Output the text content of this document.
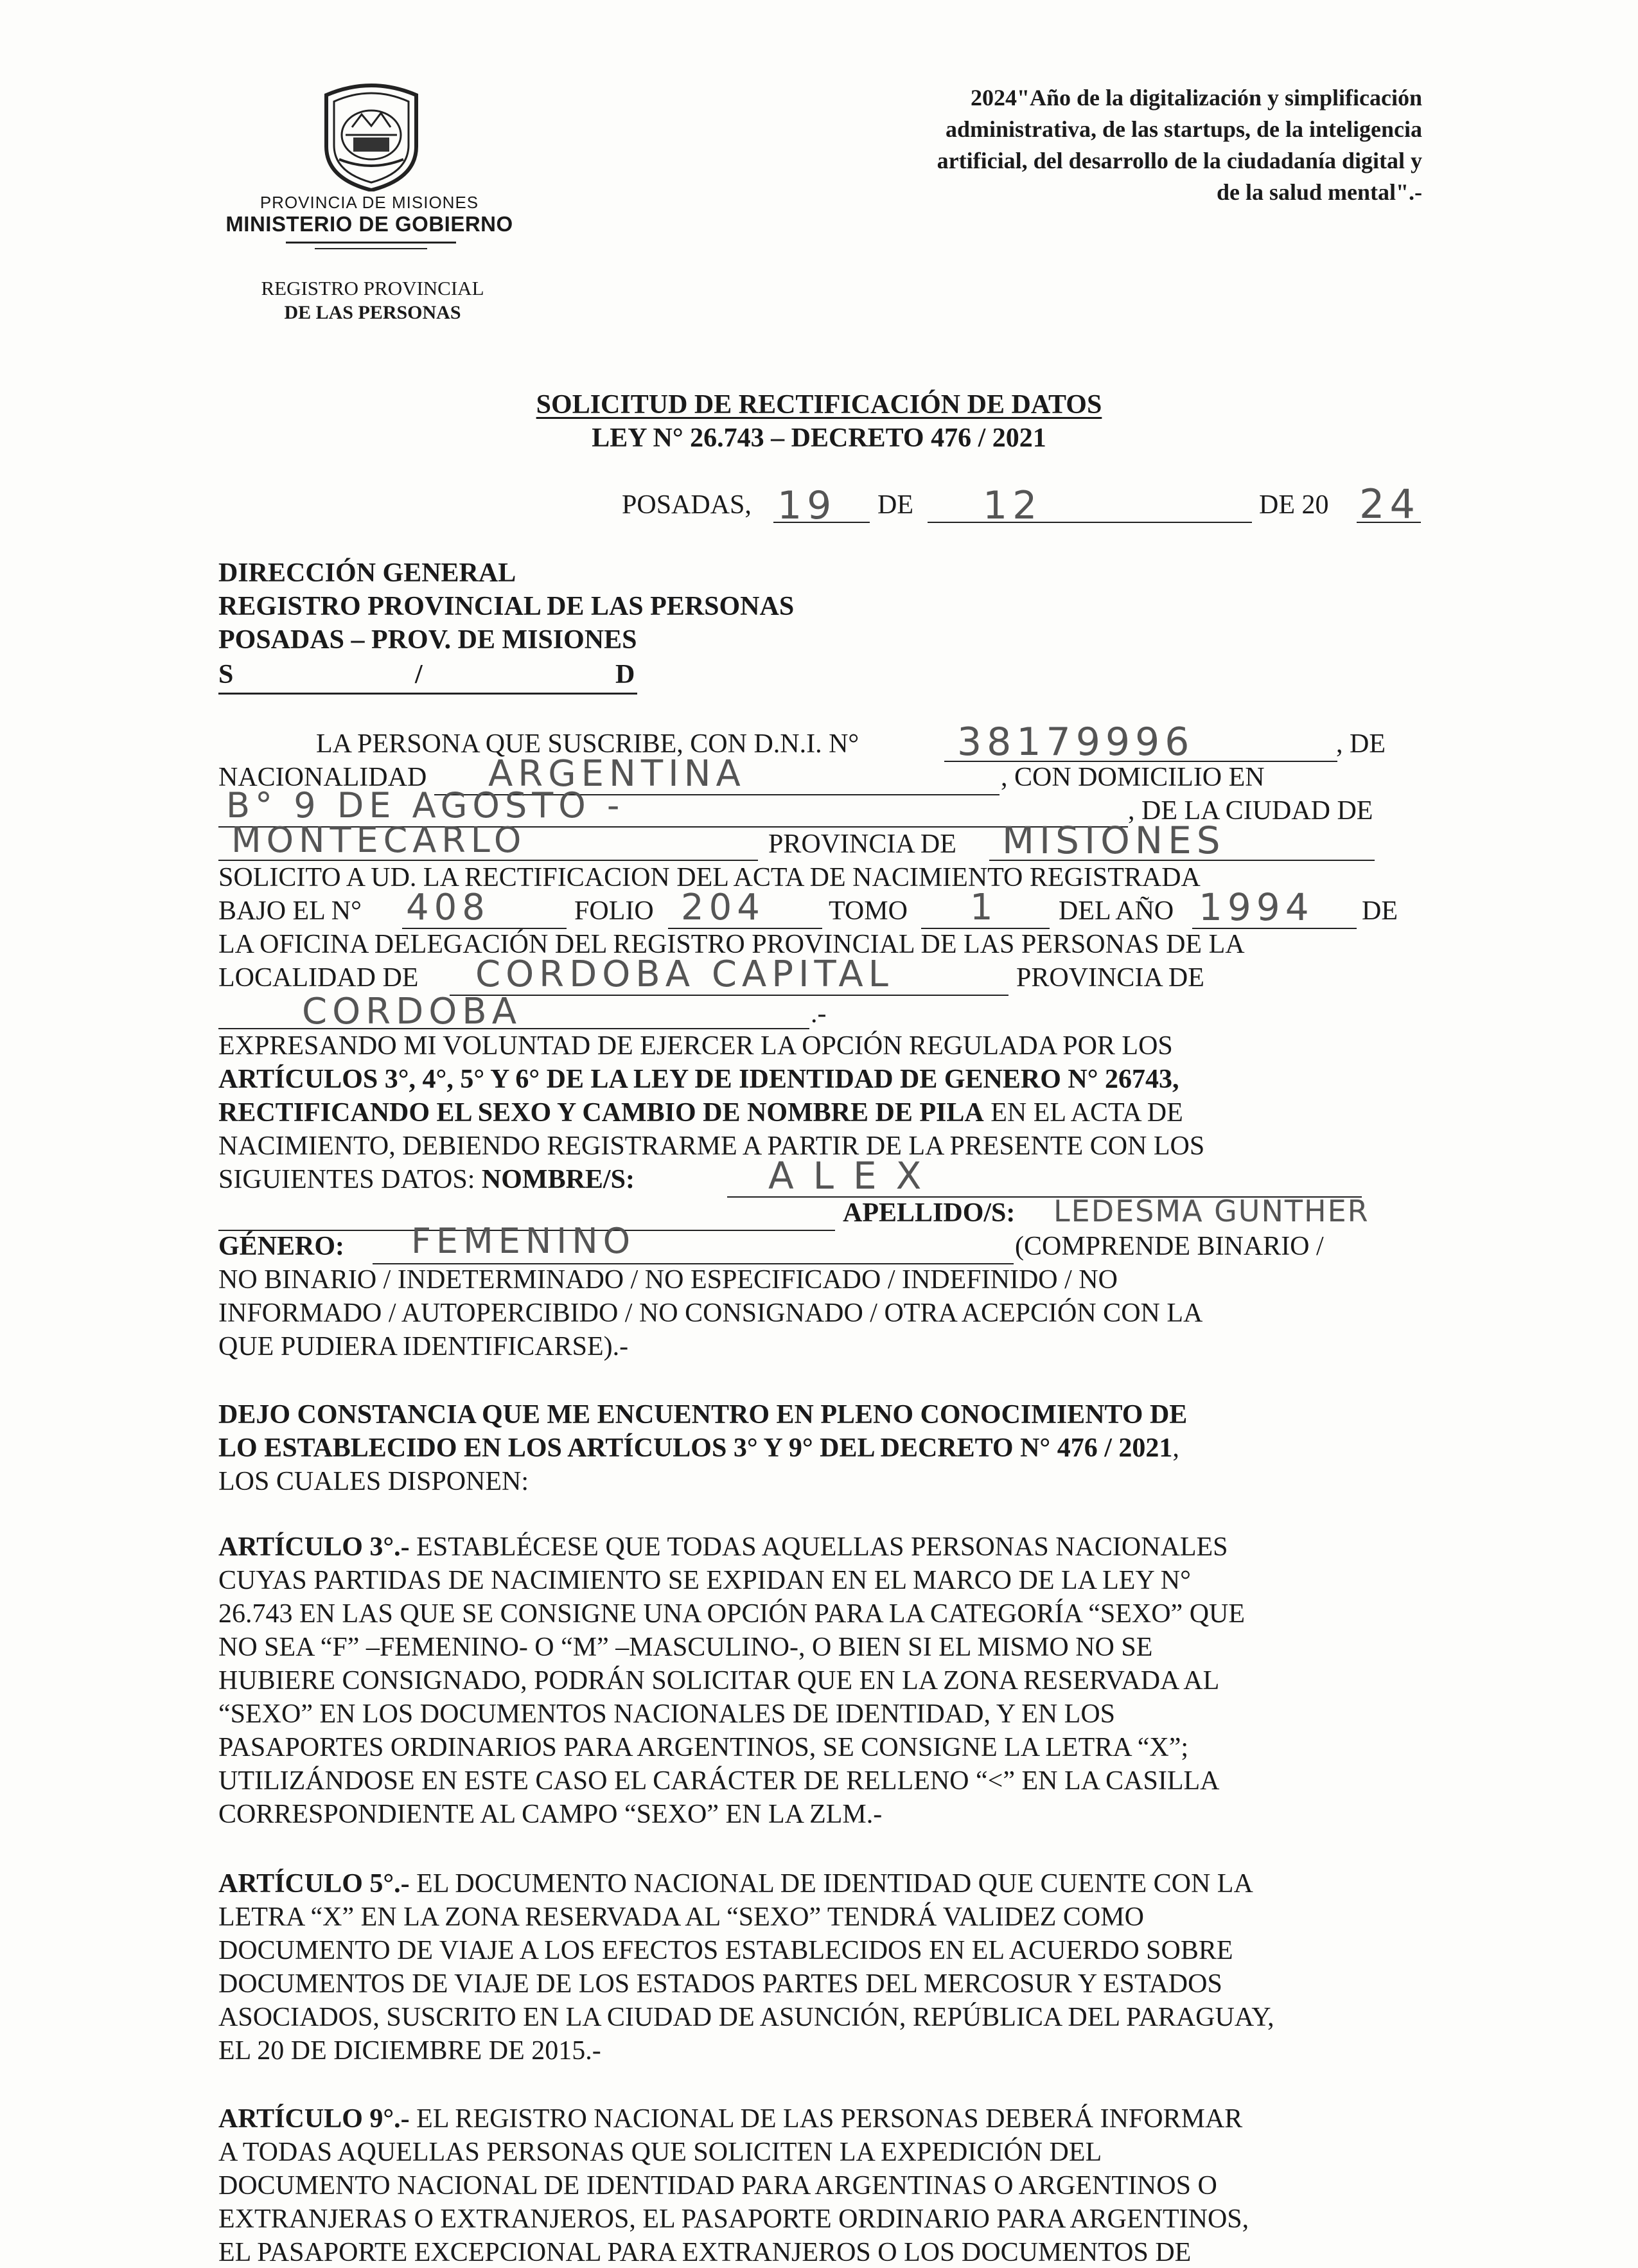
PROVINCIA DE MISIONES
MINISTERIO DE GOBIERNO
REGISTRO PROVINCIAL
DE LAS PERSONAS
2024"Año de la digitalización y simplificación
administrativa, de las startups, de la inteligencia
artificial, del desarrollo de la ciudadanía digital y
de la salud mental".-
SOLICITUD DE RECTIFICACIÓN DE DATOS
LEY N° 26.743 – DECRETO 476 / 2021
POSADAS, 19 DE 12	DE 20 24
DIRECCIÓN GENERAL
REGISTRO PROVINCIAL DE LAS PERSONAS
POSADAS – PROV. DE MISIONES
S	/	D
LA PERSONA QUE SUSCRIBE, CON D.N.I. N°	38179996	, DE
NACIONALIDAD ARGENTINA	, CON DOMICILIO EN
B° 9 DE AGOSTO -	, DE LA CIUDAD DE
MONTECARLO	PROVINCIA DE MISIONES
SOLICITO A UD. LA RECTIFICACION DEL ACTA DE NACIMIENTO REGISTRADA
BAJO EL N° 408	FOLIO 204 TOMO 1 DEL AÑO 1994 DE
LA OFICINA DELEGACIÓN DEL REGISTRO PROVINCIAL DE LAS PERSONAS DE LA
LOCALIDAD DE CORDOBA CAPITAL	PROVINCIA DE
CORDOBA	.-
EXPRESANDO MI VOLUNTAD DE EJERCER LA OPCIÓN REGULADA POR LOS
ARTÍCULOS 3°, 4°, 5° Y 6° DE LA LEY DE IDENTIDAD DE GENERO N° 26743,
RECTIFICANDO EL SEXO Y CAMBIO DE NOMBRE DE PILA EN EL ACTA DE
NACIMIENTO, DEBIENDO REGISTRARME A PARTIR DE LA PRESENTE CON LOS
SIGUIENTES DATOS: NOMBRE/S:	ALEX
APELLIDO/S: LEDESMA GUNTHER
GÉNERO: FEMENINO	(COMPRENDE BINARIO /
NO BINARIO / INDETERMINADO / NO ESPECIFICADO / INDEFINIDO / NO
INFORMADO / AUTOPERCIBIDO / NO CONSIGNADO / OTRA ACEPCIÓN CON LA
QUE PUDIERA IDENTIFICARSE).-
DEJO CONSTANCIA QUE ME ENCUENTRO EN PLENO CONOCIMIENTO DE
LO ESTABLECIDO EN LOS ARTÍCULOS 3° Y 9° DEL DECRETO N° 476 / 2021,
LOS CUALES DISPONEN:
ARTÍCULO 3°.- ESTABLÉCESE QUE TODAS AQUELLAS PERSONAS NACIONALES
CUYAS PARTIDAS DE NACIMIENTO SE EXPIDAN EN EL MARCO DE LA LEY N°
26.743 EN LAS QUE SE CONSIGNE UNA OPCIÓN PARA LA CATEGORÍA “SEXO” QUE
NO SEA “F” –FEMENINO- O “M” –MASCULINO-, O BIEN SI EL MISMO NO SE
HUBIERE CONSIGNADO, PODRÁN SOLICITAR QUE EN LA ZONA RESERVADA AL
“SEXO” EN LOS DOCUMENTOS NACIONALES DE IDENTIDAD, Y EN LOS
PASAPORTES ORDINARIOS PARA ARGENTINOS, SE CONSIGNE LA LETRA “X”;
UTILIZÁNDOSE EN ESTE CASO EL CARÁCTER DE RELLENO “<” EN LA CASILLA
CORRESPONDIENTE AL CAMPO “SEXO” EN LA ZLM.-
ARTÍCULO 5°.- EL DOCUMENTO NACIONAL DE IDENTIDAD QUE CUENTE CON LA
LETRA “X” EN LA ZONA RESERVADA AL “SEXO” TENDRÁ VALIDEZ COMO
DOCUMENTO DE VIAJE A LOS EFECTOS ESTABLECIDOS EN EL ACUERDO SOBRE
DOCUMENTOS DE VIAJE DE LOS ESTADOS PARTES DEL MERCOSUR Y ESTADOS
ASOCIADOS, SUSCRITO EN LA CIUDAD DE ASUNCIÓN, REPÚBLICA DEL PARAGUAY,
EL 20 DE DICIEMBRE DE 2015.-
ARTÍCULO 9°.- EL REGISTRO NACIONAL DE LAS PERSONAS DEBERÁ INFORMAR
A TODAS AQUELLAS PERSONAS QUE SOLICITEN LA EXPEDICIÓN DEL
DOCUMENTO NACIONAL DE IDENTIDAD PARA ARGENTINAS O ARGENTINOS O
EXTRANJERAS O EXTRANJEROS, EL PASAPORTE ORDINARIO PARA ARGENTINOS,
EL PASAPORTE EXCEPCIONAL PARA EXTRANJEROS O LOS DOCUMENTOS DE
